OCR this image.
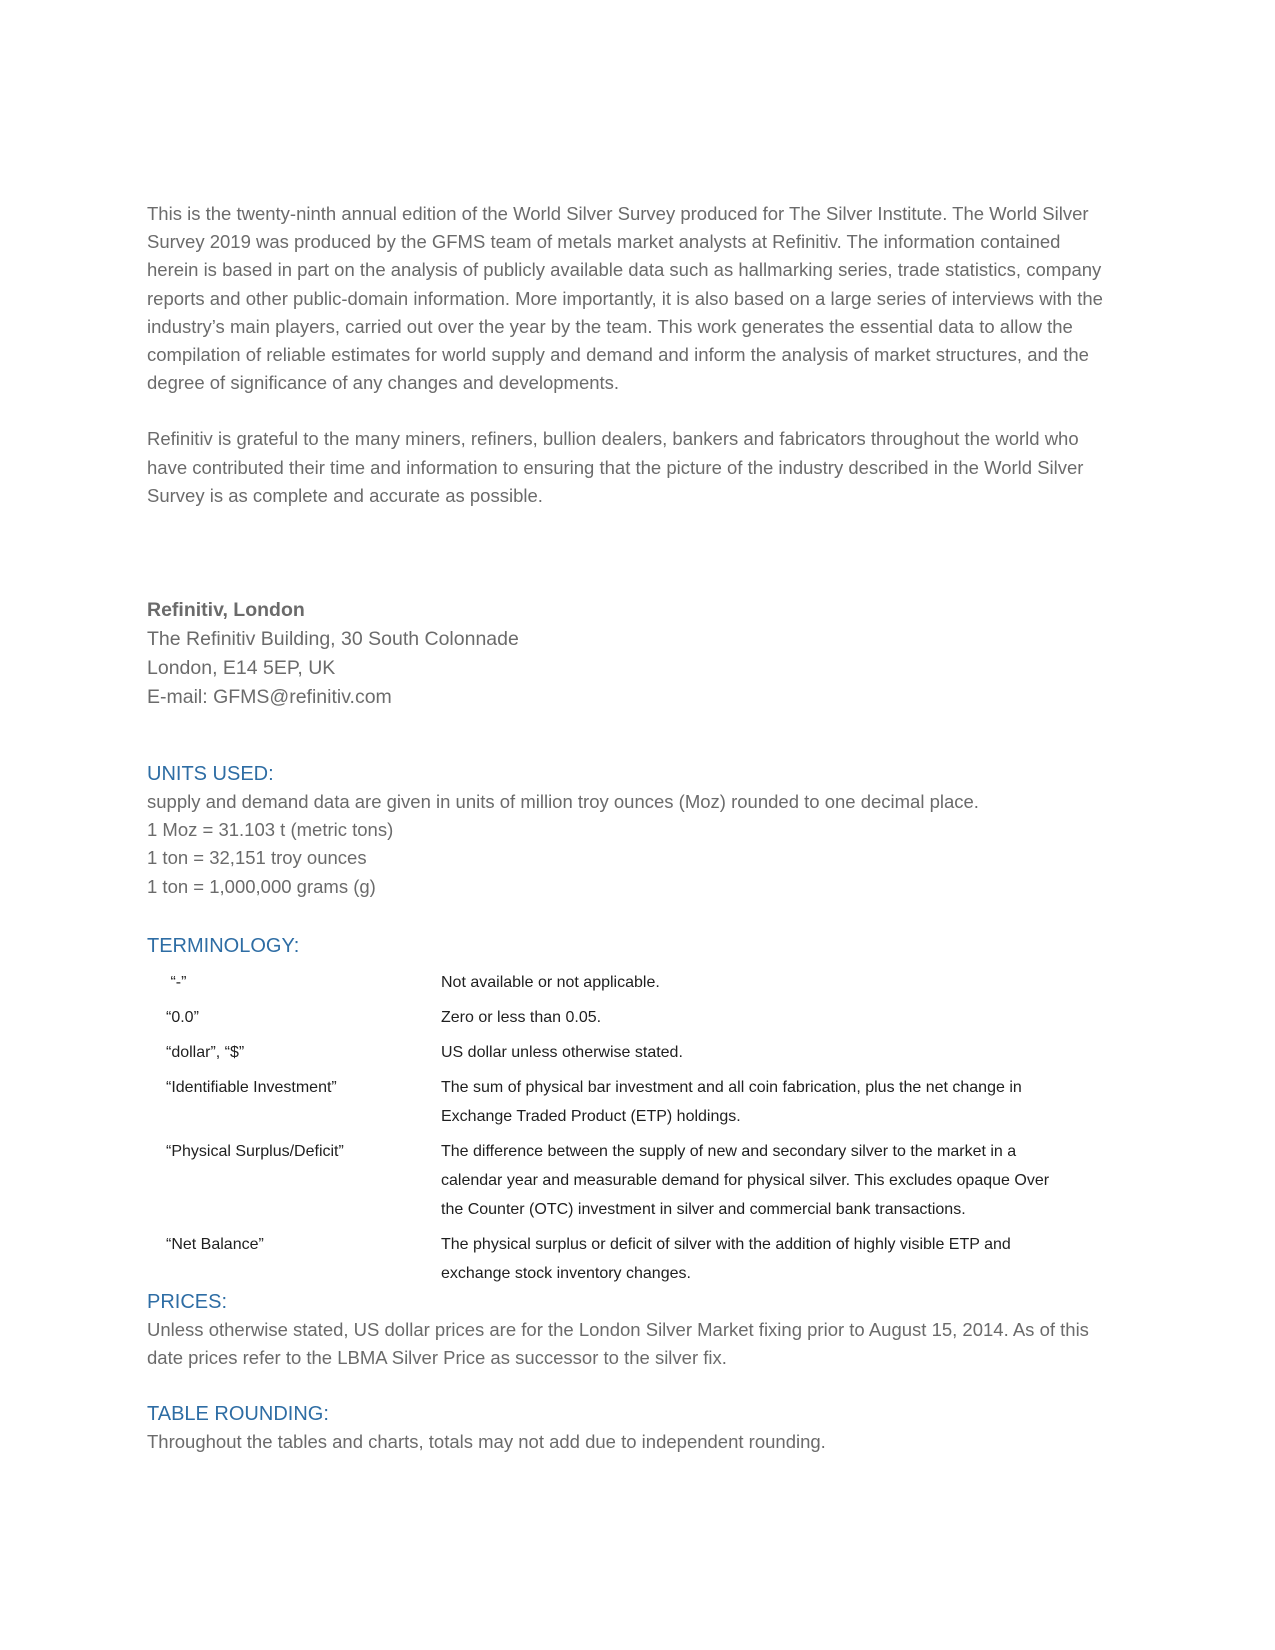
This is the twenty-ninth annual edition of the World Silver Survey produced for The Silver Institute. The World Silver Survey 2019 was produced by the GFMS team of metals market analysts at Refinitiv. The information contained herein is based in part on the analysis of publicly available data such as hallmarking series, trade statistics, company reports and other public-domain information. More importantly, it is also based on a large series of interviews with the industry’s main players, carried out over the year by the team. This work generates the essential data to allow the compilation of reliable estimates for world supply and demand and inform the analysis of market structures, and the degree of significance of any changes and developments.

Refinitiv is grateful to the many miners, refiners, bullion dealers, bankers and fabricators throughout the world who have contributed their time and information to ensuring that the picture of the industry described in the World Silver Survey is as complete and accurate as possible.

Refinitiv, London
The Refinitiv Building, 30 South Colonnade
London, E14 5EP, UK
E-mail: GFMS@refinitiv.com
UNITS USED:
supply and demand data are given in units of million troy ounces (Moz) rounded to one decimal place.
1 Moz = 31.103 t (metric tons)
1 ton = 32,151 troy ounces
1 ton = 1,000,000 grams (g)
TERMINOLOGY:
“-”	Not available or not applicable.
“0.0”	Zero or less than 0.05.
“dollar”, “$”	US dollar unless otherwise stated.
“Identifiable Investment”	The sum of physical bar investment and all coin fabrication, plus the net change in Exchange Traded Product (ETP) holdings.
“Physical Surplus/Deficit”	The difference between the supply of new and secondary silver to the market in a calendar year and measurable demand for physical silver. This excludes opaque Over the Counter (OTC) investment in silver and commercial bank transactions.
“Net Balance”	The physical surplus or deficit of silver with the addition of highly visible ETP and exchange stock inventory changes.
PRICES:

Unless otherwise stated, US dollar prices are for the London Silver Market fixing prior to August 15, 2014. As of this date prices refer to the LBMA Silver Price as successor to the silver fix.

TABLE ROUNDING:

Throughout the tables and charts, totals may not add due to independent rounding.
